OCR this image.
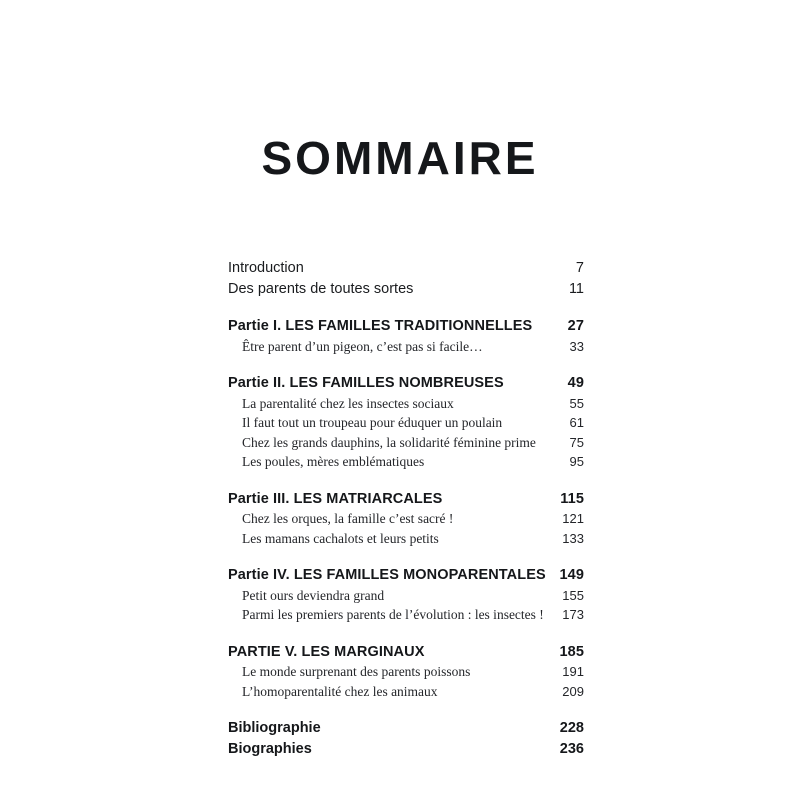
SOMMAIRE
Introduction	7
Des parents de toutes sortes	11
Partie I. LES FAMILLES TRADITIONNELLES	27
Être parent d’un pigeon, c’est pas si facile…	33
Partie II. LES FAMILLES NOMBREUSES	49
La parentalité chez les insectes sociaux	55
Il faut tout un troupeau pour éduquer un poulain	61
Chez les grands dauphins, la solidarité féminine prime	75
Les poules, mères emblématiques	95
Partie III. LES MATRIARCALES	115
Chez les orques, la famille c’est sacré !	121
Les mamans cachalots et leurs petits	133
Partie IV. LES FAMILLES MONOPARENTALES 149
Petit ours deviendra grand	155
Parmi les premiers parents de l’évolution : les insectes !	173
PARTIE V. LES MARGINAUX	185
Le monde surprenant des parents poissons	191
L’homoparentalité chez les animaux	209
Bibliographie	228
Biographies	236
